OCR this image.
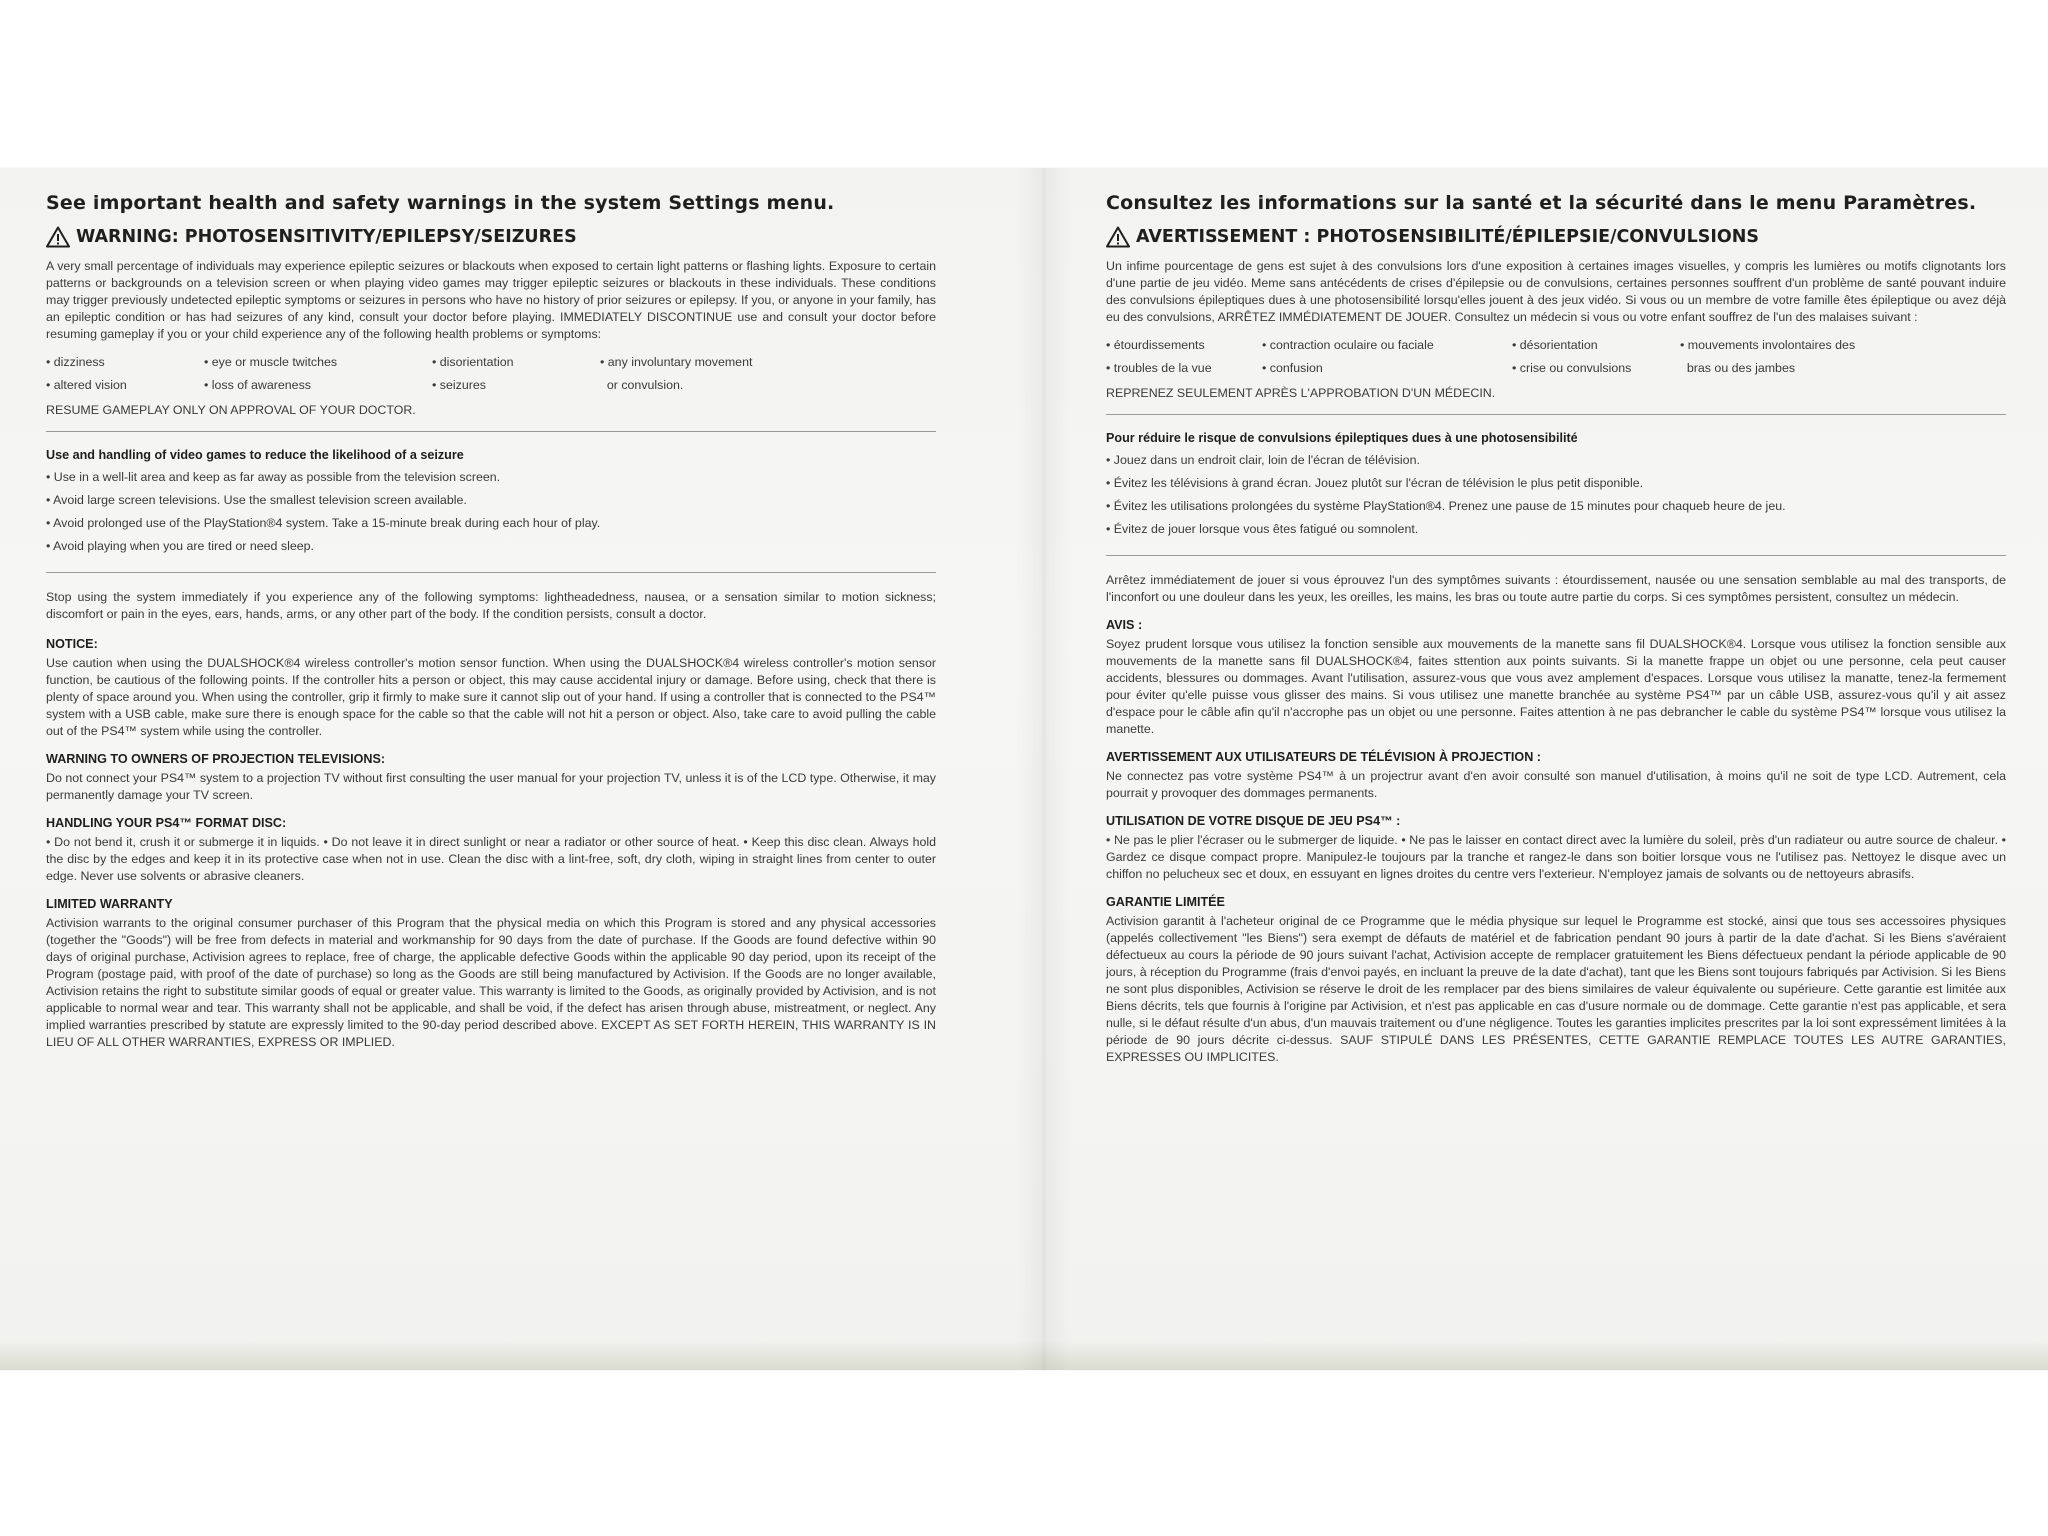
See important health and safety warnings in the system Settings menu.
WARNING: PHOTOSENSITIVITY/EPILEPSY/SEIZURES

A very small percentage of individuals may experience epileptic seizures or blackouts when exposed to certain light patterns or flashing lights. Exposure to certain patterns or backgrounds on a television screen or when playing video games may trigger epileptic seizures or blackouts in these individuals. These conditions may trigger previously undetected epileptic symptoms or seizures in persons who have no history of prior seizures or epilepsy. If you, or anyone in your family, has an epileptic condition or has had seizures of any kind, consult your doctor before playing. IMMEDIATELY DISCONTINUE use and consult your doctor before resuming gameplay if you or your child experience any of the following health problems or symptoms:

• dizziness	• eye or muscle twitches	• disorientation	• any involuntary movement
• altered vision	• loss of awareness	• seizures	or convulsion.
RESUME GAMEPLAY ONLY ON APPROVAL OF YOUR DOCTOR.
Use and handling of video games to reduce the likelihood of a seizure
• Use in a well-lit area and keep as far away as possible from the television screen.
• Avoid large screen televisions. Use the smallest television screen available.
• Avoid prolonged use of the PlayStation®4 system. Take a 15-minute break during each hour of play.
• Avoid playing when you are tired or need sleep.

Stop using the system immediately if you experience any of the following symptoms: lightheadedness, nausea, or a sensation similar to motion sickness; discomfort or pain in the eyes, ears, hands, arms, or any other part of the body. If the condition persists, consult a doctor.

NOTICE:

Use caution when using the DUALSHOCK®4 wireless controller's motion sensor function. When using the DUALSHOCK®4 wireless controller's motion sensor function, be cautious of the following points. If the controller hits a person or object, this may cause accidental injury or damage. Before using, check that there is plenty of space around you. When using the controller, grip it firmly to make sure it cannot slip out of your hand. If using a controller that is connected to the PS4™ system with a USB cable, make sure there is enough space for the cable so that the cable will not hit a person or object. Also, take care to avoid pulling the cable out of the PS4™ system while using the controller.

WARNING TO OWNERS OF PROJECTION TELEVISIONS:

Do not connect your PS4™ system to a projection TV without first consulting the user manual for your projection TV, unless it is of the LCD type. Otherwise, it may permanently damage your TV screen.

HANDLING YOUR PS4™ FORMAT DISC:

• Do not bend it, crush it or submerge it in liquids. • Do not leave it in direct sunlight or near a radiator or other source of heat. • Keep this disc clean. Always hold the disc by the edges and keep it in its protective case when not in use. Clean the disc with a lint-free, soft, dry cloth, wiping in straight lines from center to outer edge. Never use solvents or abrasive cleaners.

LIMITED WARRANTY

Activision warrants to the original consumer purchaser of this Program that the physical media on which this Program is stored and any physical accessories (together the "Goods") will be free from defects in material and workmanship for 90 days from the date of purchase. If the Goods are found defective within 90 days of original purchase, Activision agrees to replace, free of charge, the applicable defective Goods within the applicable 90 day period, upon its receipt of the Program (postage paid, with proof of the date of purchase) so long as the Goods are still being manufactured by Activision. If the Goods are no longer available, Activision retains the right to substitute similar goods of equal or greater value. This warranty is limited to the Goods, as originally provided by Activision, and is not applicable to normal wear and tear. This warranty shall not be applicable, and shall be void, if the defect has arisen through abuse, mistreatment, or neglect. Any implied warranties prescribed by statute are expressly limited to the 90-day period described above. EXCEPT AS SET FORTH HEREIN, THIS WARRANTY IS IN LIEU OF ALL OTHER WARRANTIES, EXPRESS OR IMPLIED.

Consultez les informations sur la santé et la sécurité dans le menu Paramètres.
AVERTISSEMENT : PHOTOSENSIBILITÉ/ÉPILEPSIE/CONVULSIONS

Un infime pourcentage de gens est sujet à des convulsions lors d'une exposition à certaines images visuelles, y compris les lumières ou motifs clignotants lors d'une partie de jeu vidéo. Meme sans antécédents de crises d'épilepsie ou de convulsions, certaines personnes souffrent d'un problème de santé pouvant induire des convulsions épileptiques dues à une photosensibilité lorsqu'elles jouent à des jeux vidéo. Si vous ou un membre de votre famille êtes épileptique ou avez déjà eu des convulsions, ARRÊTEZ IMMÉDIATEMENT DE JOUER. Consultez un médecin si vous ou votre enfant souffrez de l'un des malaises suivant :

• étourdissements	• contraction oculaire ou faciale	• désorientation	• mouvements involontaires des
• troubles de la vue	• confusion	• crise ou convulsions	bras ou des jambes
REPRENEZ SEULEMENT APRÈS L'APPROBATION D'UN MÉDECIN.
Pour réduire le risque de convulsions épileptiques dues à une photosensibilité
• Jouez dans un endroit clair, loin de l'écran de télévision.
• Évitez les télévisions à grand écran. Jouez plutôt sur l'écran de télévision le plus petit disponible.
• Évitez les utilisations prolongées du système PlayStation®4. Prenez une pause de 15 minutes pour chaqueb heure de jeu.
• Évitez de jouer lorsque vous êtes fatigué ou somnolent.

Arrêtez immédiatement de jouer si vous éprouvez l'un des symptômes suivants : étourdissement, nausée ou une sensation semblable au mal des transports, de l'inconfort ou une douleur dans les yeux, les oreilles, les mains, les bras ou toute autre partie du corps. Si ces symptômes persistent, consultez un médecin.

AVIS :

Soyez prudent lorsque vous utilisez la fonction sensible aux mouvements de la manette sans fil DUALSHOCK®4. Lorsque vous utilisez la fonction sensible aux mouvements de la manette sans fil DUALSHOCK®4, faites sttention aux points suivants. Si la manette frappe un objet ou une personne, cela peut causer accidents, blessures ou dommages. Avant l'utilisation, assurez-vous que vous avez amplement d'espaces. Lorsque vous utilisez la manatte, tenez-la fermement pour éviter qu'elle puisse vous glisser des mains. Si vous utilisez une manette branchée au système PS4™ par un câble USB, assurez-vous qu'il y ait assez d'espace pour le câble afin qu'il n'accrophe pas un objet ou une personne. Faites attention à ne pas debrancher le cable du système PS4™ lorsque vous utilisez la manette.

AVERTISSEMENT AUX UTILISATEURS DE TÉLÉVISION À PROJECTION :

Ne connectez pas votre système PS4™ à un projectrur avant d'en avoir consulté son manuel d'utilisation, à moins qu'il ne soit de type LCD. Autrement, cela pourrait y provoquer des dommages permanents.

UTILISATION DE VOTRE DISQUE DE JEU PS4™ :

• Ne pas le plier l'écraser ou le submerger de liquide. • Ne pas le laisser en contact direct avec la lumière du soleil, près d'un radiateur ou autre source de chaleur. • Gardez ce disque compact propre. Manipulez-le toujours par la tranche et rangez-le dans son boitier lorsque vous ne l'utilisez pas. Nettoyez le disque avec un chiffon no pelucheux sec et doux, en essuyant en lignes droites du centre vers l'exterieur. N'employez jamais de solvants ou de nettoyeurs abrasifs.

GARANTIE LIMITÉE

Activision garantit à l'acheteur original de ce Programme que le média physique sur lequel le Programme est stocké, ainsi que tous ses accessoires physiques (appelés collectivement "les Biens") sera exempt de défauts de matériel et de fabrication pendant 90 jours à partir de la date d'achat. Si les Biens s'avéraient défectueux au cours la période de 90 jours suivant l'achat, Activision accepte de remplacer gratuitement les Biens défectueux pendant la période applicable de 90 jours, à réception du Programme (frais d'envoi payés, en incluant la preuve de la date d'achat), tant que les Biens sont toujours fabriqués par Activision. Si les Biens ne sont plus disponibles, Activision se réserve le droit de les remplacer par des biens similaires de valeur équivalente ou supérieure. Cette garantie est limitée aux Biens décrits, tels que fournis à l'origine par Activision, et n'est pas applicable en cas d'usure normale ou de dommage. Cette garantie n'est pas applicable, et sera nulle, si le défaut résulte d'un abus, d'un mauvais traitement ou d'une négligence. Toutes les garanties implicites prescrites par la loi sont expressément limitées à la période de 90 jours décrite ci-dessus. SAUF STIPULÉ DANS LES PRÉSENTES, CETTE GARANTIE REMPLACE TOUTES LES AUTRE GARANTIES, EXPRESSES OU IMPLICITES.
